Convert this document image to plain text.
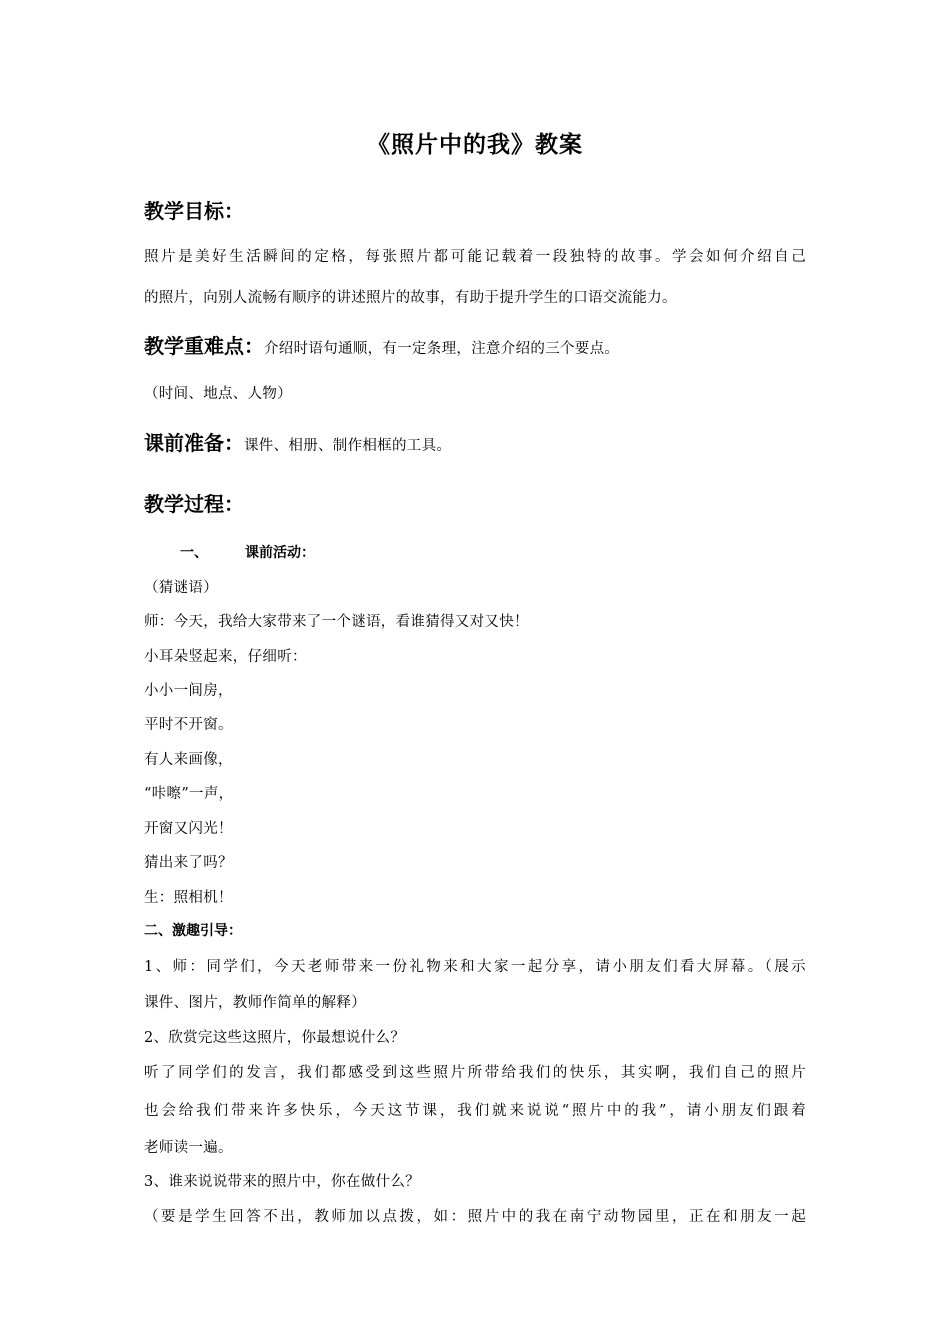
《照片中的我》教案
教学目标：
照片是美好生活瞬间的定格，每张照片都可能记载着一段独特的故事。学会如何介绍自己
的照片，向别人流畅有顺序的讲述照片的故事，有助于提升学生的口语交流能力。
教学重难点：介绍时语句通顺，有一定条理，注意介绍的三个要点。
（时间、地点、人物）
课前准备：课件、相册、制作相框的工具。
教学过程：
一、	课前活动：
（猜谜语）
师：今天，我给大家带来了一个谜语，看谁猜得又对又快！
小耳朵竖起来，仔细听：
小小一间房，
平时不开窗。
有人来画像，
“咔嚓”一声，
开窗又闪光！
猜出来了吗？
生：照相机！
二、激趣引导：
1、师：同学们，今天老师带来一份礼物来和大家一起分享，请小朋友们看大屏幕。（展示
课件、图片，教师作简单的解释）
2、欣赏完这些这照片，你最想说什么？
听了同学们的发言，我们都感受到这些照片所带给我们的快乐，其实啊，我们自己的照片
也会给我们带来许多快乐，今天这节课，我们就来说说“照片中的我”，请小朋友们跟着
老师读一遍。
3、谁来说说带来的照片中，你在做什么？
（要是学生回答不出，教师加以点拨，如：照片中的我在南宁动物园里，正在和朋友一起
